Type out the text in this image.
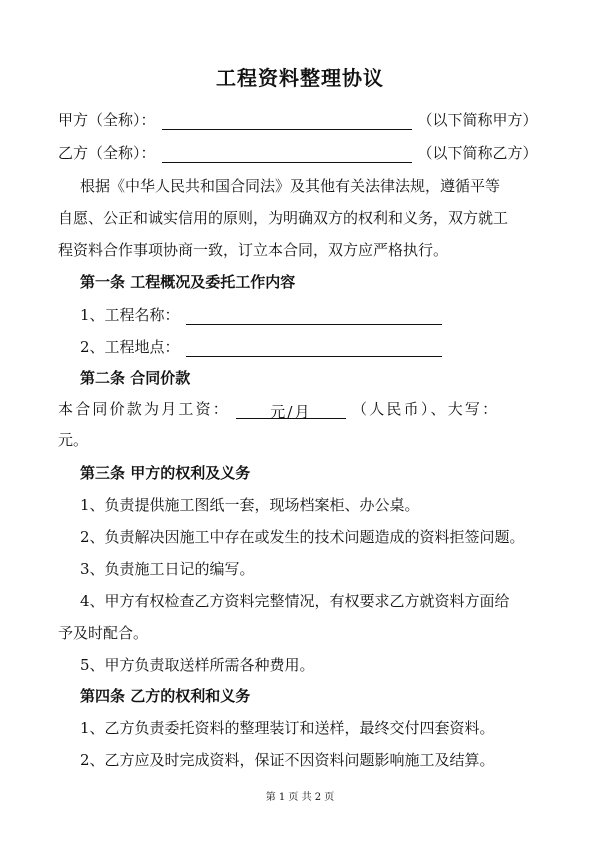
工程资料整理协议
甲方（全称）：	（以下简称甲方）
乙方（全称）：	（以下简称乙方）
根据《中华人民共和国合同法》及其他有关法律法规，遵循平等
自愿、公正和诚实信用的原则，为明确双方的权利和义务，双方就工
程资料合作事项协商一致，订立本合同，双方应严格执行。
第一条 工程概况及委托工作内容
1、工程名称：
2、工程地点：
第二条 合同价款
本合同价款为月工资：	元/月	（人民币）、大写：
元。
第三条 甲方的权利及义务
1、负责提供施工图纸一套，现场档案柜、办公桌。
2、负责解决因施工中存在或发生的技术问题造成的资料拒签问题。
3、负责施工日记的编写。
4、甲方有权检查乙方资料完整情况，有权要求乙方就资料方面给
予及时配合。
5、甲方负责取送样所需各种费用。
第四条 乙方的权利和义务
1、乙方负责委托资料的整理装订和送样，最终交付四套资料。
2、乙方应及时完成资料，保证不因资料问题影响施工及结算。
第 1 页 共 2 页
